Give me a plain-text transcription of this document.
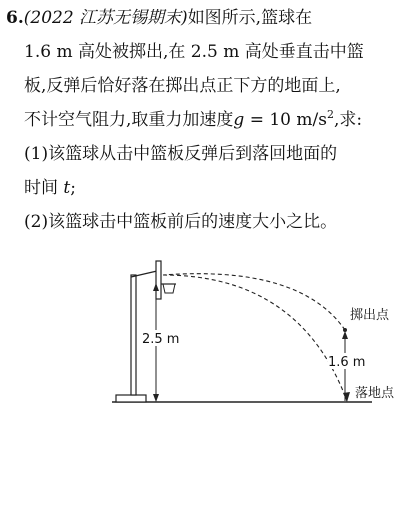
6.(2022 江苏无锡期末)如图所示,篮球在
1.6 m 高处被掷出,在 2.5 m 高处垂直击中篮
板,反弹后恰好落在掷出点正下方的地面上,
不计空气阻力,取重力加速度g = 10 $m/s^2$,求:
(1)该篮球从击中篮板反弹后到落回地面的
时间 t;
(2)该篮球击中篮板前后的速度大小之比。
2.5 m
1.6 m
掷出点
落地点
